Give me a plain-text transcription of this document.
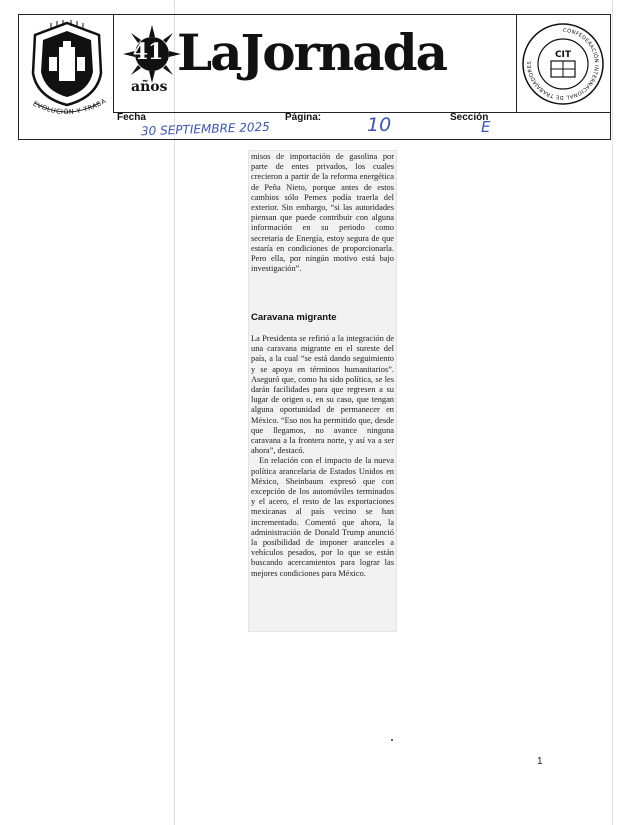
EVOLUCIÓN Y TRABA
41
años
LaJornada	CONFEDERACIÓN INTERNACIONAL DE TRABAJADORES
CIT
Fecha
30 SEPTIEMBRE 2025
Página: 10	Sección
E

misos de importación de gasolina por parte de entes privados, los cuales crecieron a partir de la reforma energética de Peña Nieto, porque antes de estos cambios sólo Pemex podía traerla del exterior. Sin embargo, “si las autoridades piensan que puede contribuir con alguna información en su periodo como secretaria de Energía, estoy segura de que estaría en condiciones de proporcionarla. Pero ella, por ningún motivo está bajo investigación”.

Caravana migrante

La Presidenta se refirió a la integración de una caravana migrante en el sureste del país, a la cual “se está dando seguimiento y se apoya en términos humanitarios”. Aseguró que, como ha sido política, se les darán facilidades para que regresen a su lugar de origen o, en su caso, que tengan alguna oportunidad de permanecer en México. “Eso nos ha permitido que, desde que llegamos, no avance ninguna caravana a la frontera norte, y así va a ser ahora”, destacó.

En relación con el impacto de la nueva política arancelaria de Estados Unidos en México, Sheinbaum expresó que con excepción de los automóviles terminados y el acero, el resto de las exportaciones mexicanas al país vecino se han incrementado. Comentó que ahora, la administración de Donald Trump anunció la posibilidad de imponer aranceles a vehículos pesados, por lo que se están buscando acercamientos para lograr las mejores condiciones para México.

1
